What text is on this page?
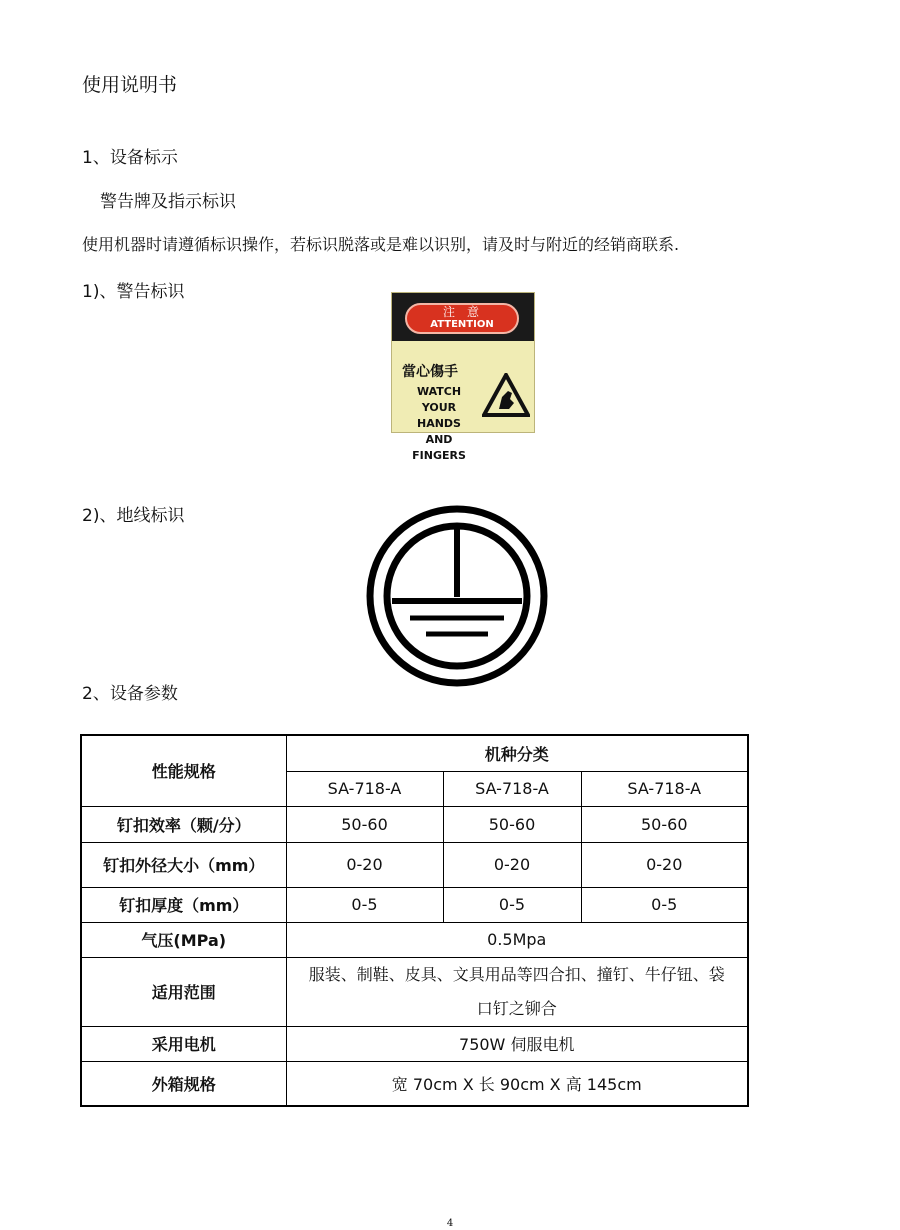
使用说明书
1、设备标示
警告牌及指示标识
使用机器时请遵循标识操作，若标识脱落或是难以识别，请及时与附近的经销商联系.
1)、警告标识
注意
ATTENTION
當心傷手
WATCH YOUR
HANDS
AND FINGERS
2)、地线标识
2、设备参数
性能规格	机种分类		
	SA-718-A	SA-718-A	SA-718-A
钉扣效率（颗/分）	50-60	50-60	50-60
钉扣外径大小（mm）	0-20	0-20	0-20
钉扣厚度（mm）	0-5	0-5	0-5
气压(MPa)	0.5Mpa		
适用范围	服装、制鞋、皮具、文具用品等四合扣、撞钉、牛仔钮、袋
口钉之铆合		

采用电机	750W 伺服电机		
外箱规格	宽 70cm X 长 90cm X 高 145cm		
4
